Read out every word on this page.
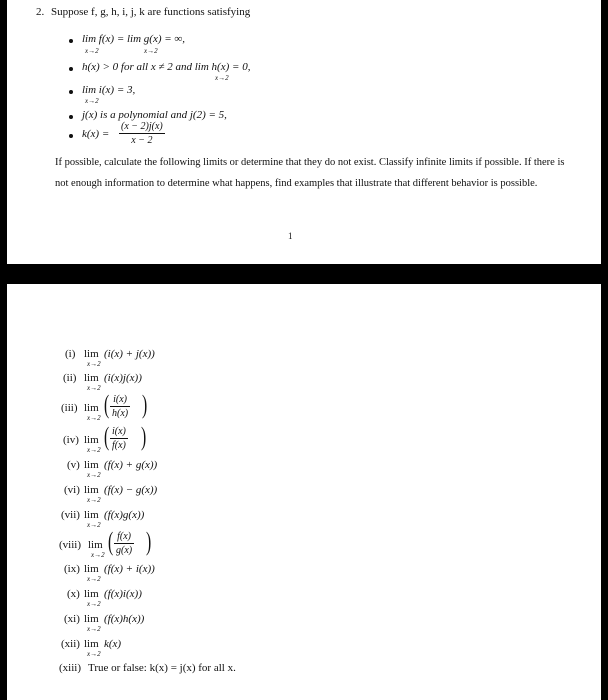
2. Suppose f, g, h, i, j, k are functions satisfying
lim f(x) = lim g(x) = ∞,
x→2	x→2
h(x) > 0 for all x ≠ 2 and lim h(x) = 0,
x→2
lim i(x) = 3,
x→2
j(x) is a polynomial and j(2) = 5,
k(x) =
(x − 2)j(x)
x − 2
If possible, calculate the following limits or determine that they do not exist. Classify infinite limits if possible. If there is not enough information to determine what happens, find examples that illustrate that different behavior is possible.
1
(i) lim
x→2
(i(x) + j(x))
(ii) lim
x→2
(i(x)j(x))
(iii) lim
x→2 ( i(x)
h(x) )
(iv) lim
x→2 ( i(x)
f(x) )
(v) lim
x→2
(f(x) + g(x))
(vi) lim
x→2
(f(x) − g(x))
(vii) lim
x→2
(f(x)g(x))
(viii) lim
x→2 ( f(x)
g(x) )
(ix) lim
x→2
(f(x) + i(x))
(x) lim
x→2
(f(x)i(x))
(xi) lim
x→2
(f(x)h(x))
(xii) lim
x→2
k(x)
(xiii) True or false: k(x) = j(x) for all x.
